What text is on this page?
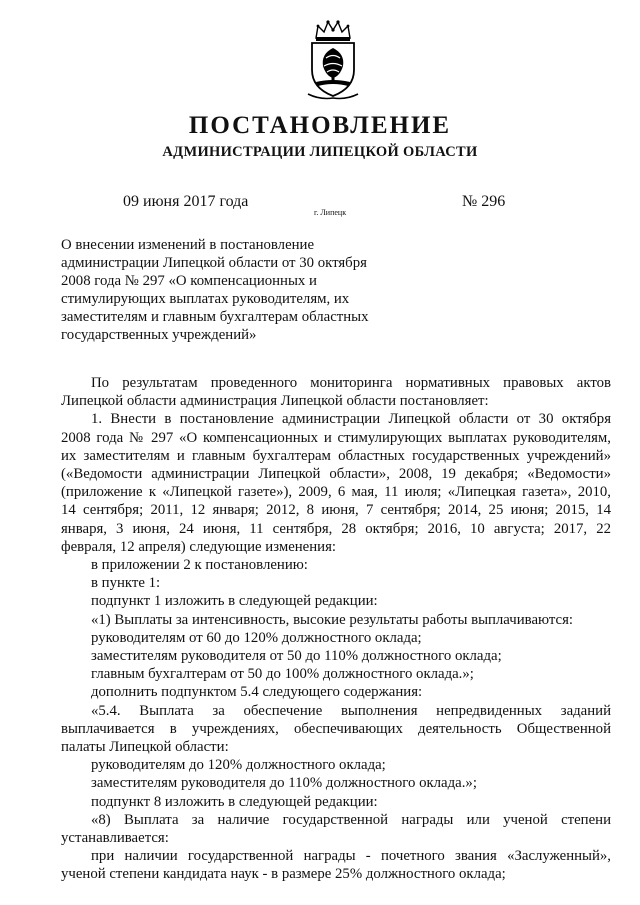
ПОСТАНОВЛЕНИЕ
АДМИНИСТРАЦИИ ЛИПЕЦКОЙ ОБЛАСТИ
09 июня 2017 года
г. Липецк
№ 296
О внесении изменений в постановление
администрации Липецкой области от 30 октября
2008 года № 297 «О компенсационных и
стимулирующих выплатах руководителям, их
заместителям и главным бухгалтерам областных
государственных учреждений»

По результатам проведенного мониторинга нормативных правовых актов

Липецкой области администрация Липецкой области постановляет:

1. Внести в постановление администрации Липецкой области от 30 октября

2008 года № 297 «О компенсационных и стимулирующих выплатах руководителям,

их заместителям и главным бухгалтерам областных государственных учреждений»

(«Ведомости администрации Липецкой области», 2008, 19 декабря; «Ведомости»

(приложение к «Липецкой газете»), 2009, 6 мая, 11 июля; «Липецкая газета», 2010,

14 сентября; 2011, 12 января; 2012, 8 июня, 7 сентября; 2014, 25 июня; 2015, 14

января, 3 июня, 24 июня, 11 сентября, 28 октября; 2016, 10 августа; 2017, 22

февраля, 12 апреля) следующие изменения:

в приложении 2 к постановлению:

в пункте 1:

подпункт 1 изложить в следующей редакции:

«1) Выплаты за интенсивность, высокие результаты работы выплачиваются:

руководителям от 60 до 120% должностного оклада;

заместителям руководителя от 50 до 110% должностного оклада;

главным бухгалтерам от 50 до 100% должностного оклада.»;

дополнить подпунктом 5.4 следующего содержания:

«5.4. Выплата за обеспечение выполнения непредвиденных заданий

выплачивается в учреждениях, обеспечивающих деятельность Общественной

палаты Липецкой области:

руководителям до 120% должностного оклада;

заместителям руководителя до 110% должностного оклада.»;

подпункт 8 изложить в следующей редакции:

«8) Выплата за наличие государственной награды или ученой степени

устанавливается:

при наличии государственной награды - почетного звания «Заслуженный»,

ученой степени кандидата наук - в размере 25% должностного оклада;
